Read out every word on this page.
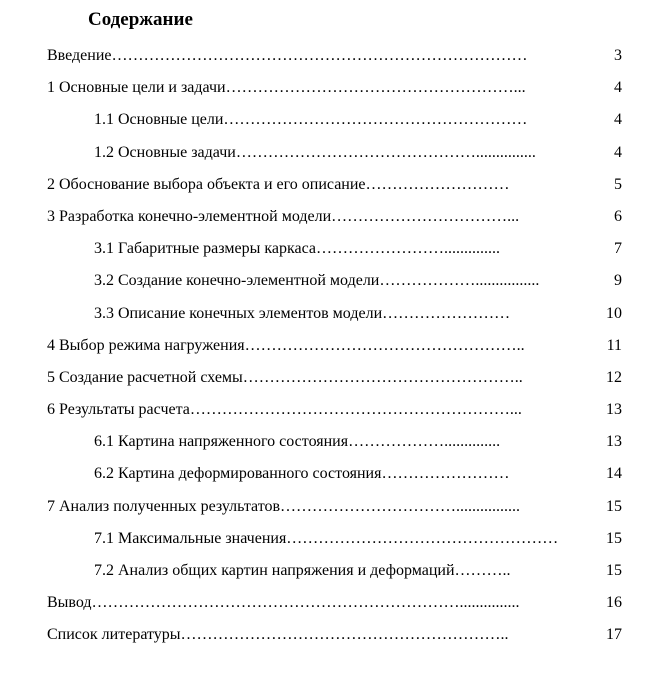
Содержание
Введение……………………………………………………………………	3
1 Основные цели и задачи………………………………………………...	4
1.1 Основные цели…………………………………………………	4
1.2 Основные задачи………………………………………...............	4
2 Обоснование выбора объекта и его описание………………………	5
3 Разработка конечно-элементной модели……………………………...	6
3.1 Габаритные размеры каркаса……………………..............	7
3.2 Создание конечно-элементной модели………………................	9
3.3 Описание конечных элементов модели……………………	10
4 Выбор режима нагружения……………………………………………..	11
5 Создание расчетной схемы……………………………………………..	12
6 Результаты расчета……………………………………………………...	13
6.1 Картина напряженного состояния………………..............	13
6.2 Картина деформированного состояния……………………	14
7 Анализ полученных результатов……………………………................	15
7.1 Максимальные значения……………………………………………	15
7.2 Анализ общих картин напряжения и деформаций………..	15
Вывод……………………………………………………………...............	16
Список литературы……………………………………………………..	17
